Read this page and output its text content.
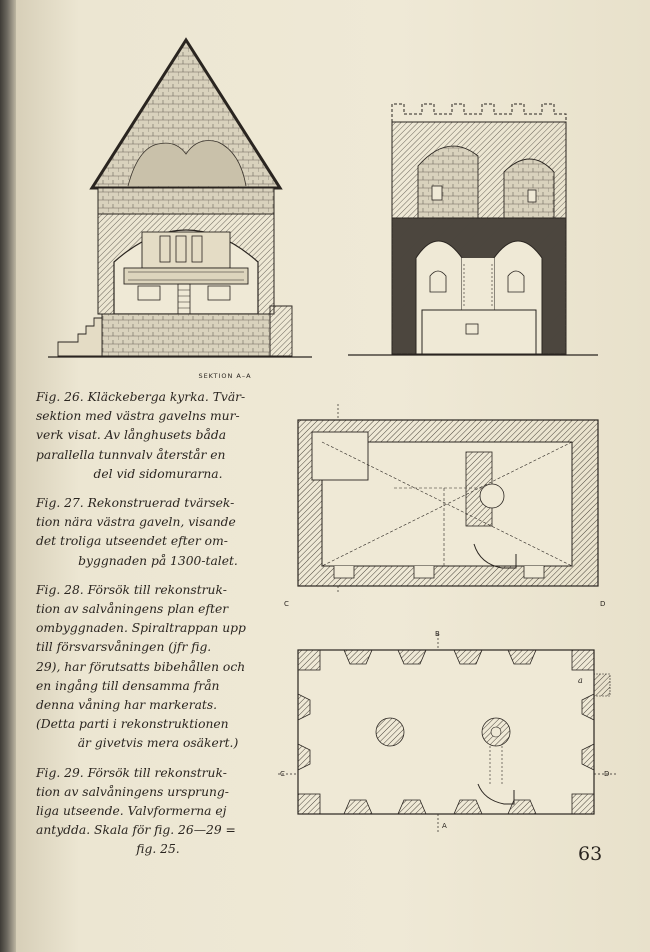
SEKTION A–A

Fig. 26. Kläckeberga kyrka. Tvär-
sektion med västra gavelns mur-
verk visat. Av långhusets båda
parallella tunnvalv återstår en
del vid sidomurarna.

Fig. 27. Rekonstruerad tvärsek-
tion nära västra gaveln, visande
det troliga utseendet efter om-
byggnaden på 1300-talet.

Fig. 28. Försök till rekonstruk-
tion av salvåningens plan efter
ombyggnaden. Spiraltrappan upp
till försvarsvåningen (jfr fig.
29), har förutsatts bibehållen och
en ingång till densamma från
denna våning har markerats.
(Detta parti i rekonstruktionen
är givetvis mera osäkert.)

Fig. 29. Försök till rekonstruk-
tion av salvåningens ursprung-
liga utseende. Valvformerna ej
antydda. Skala för fig. 26—29 =
fig. 25.

C	D
B
A
C	D
a
63
